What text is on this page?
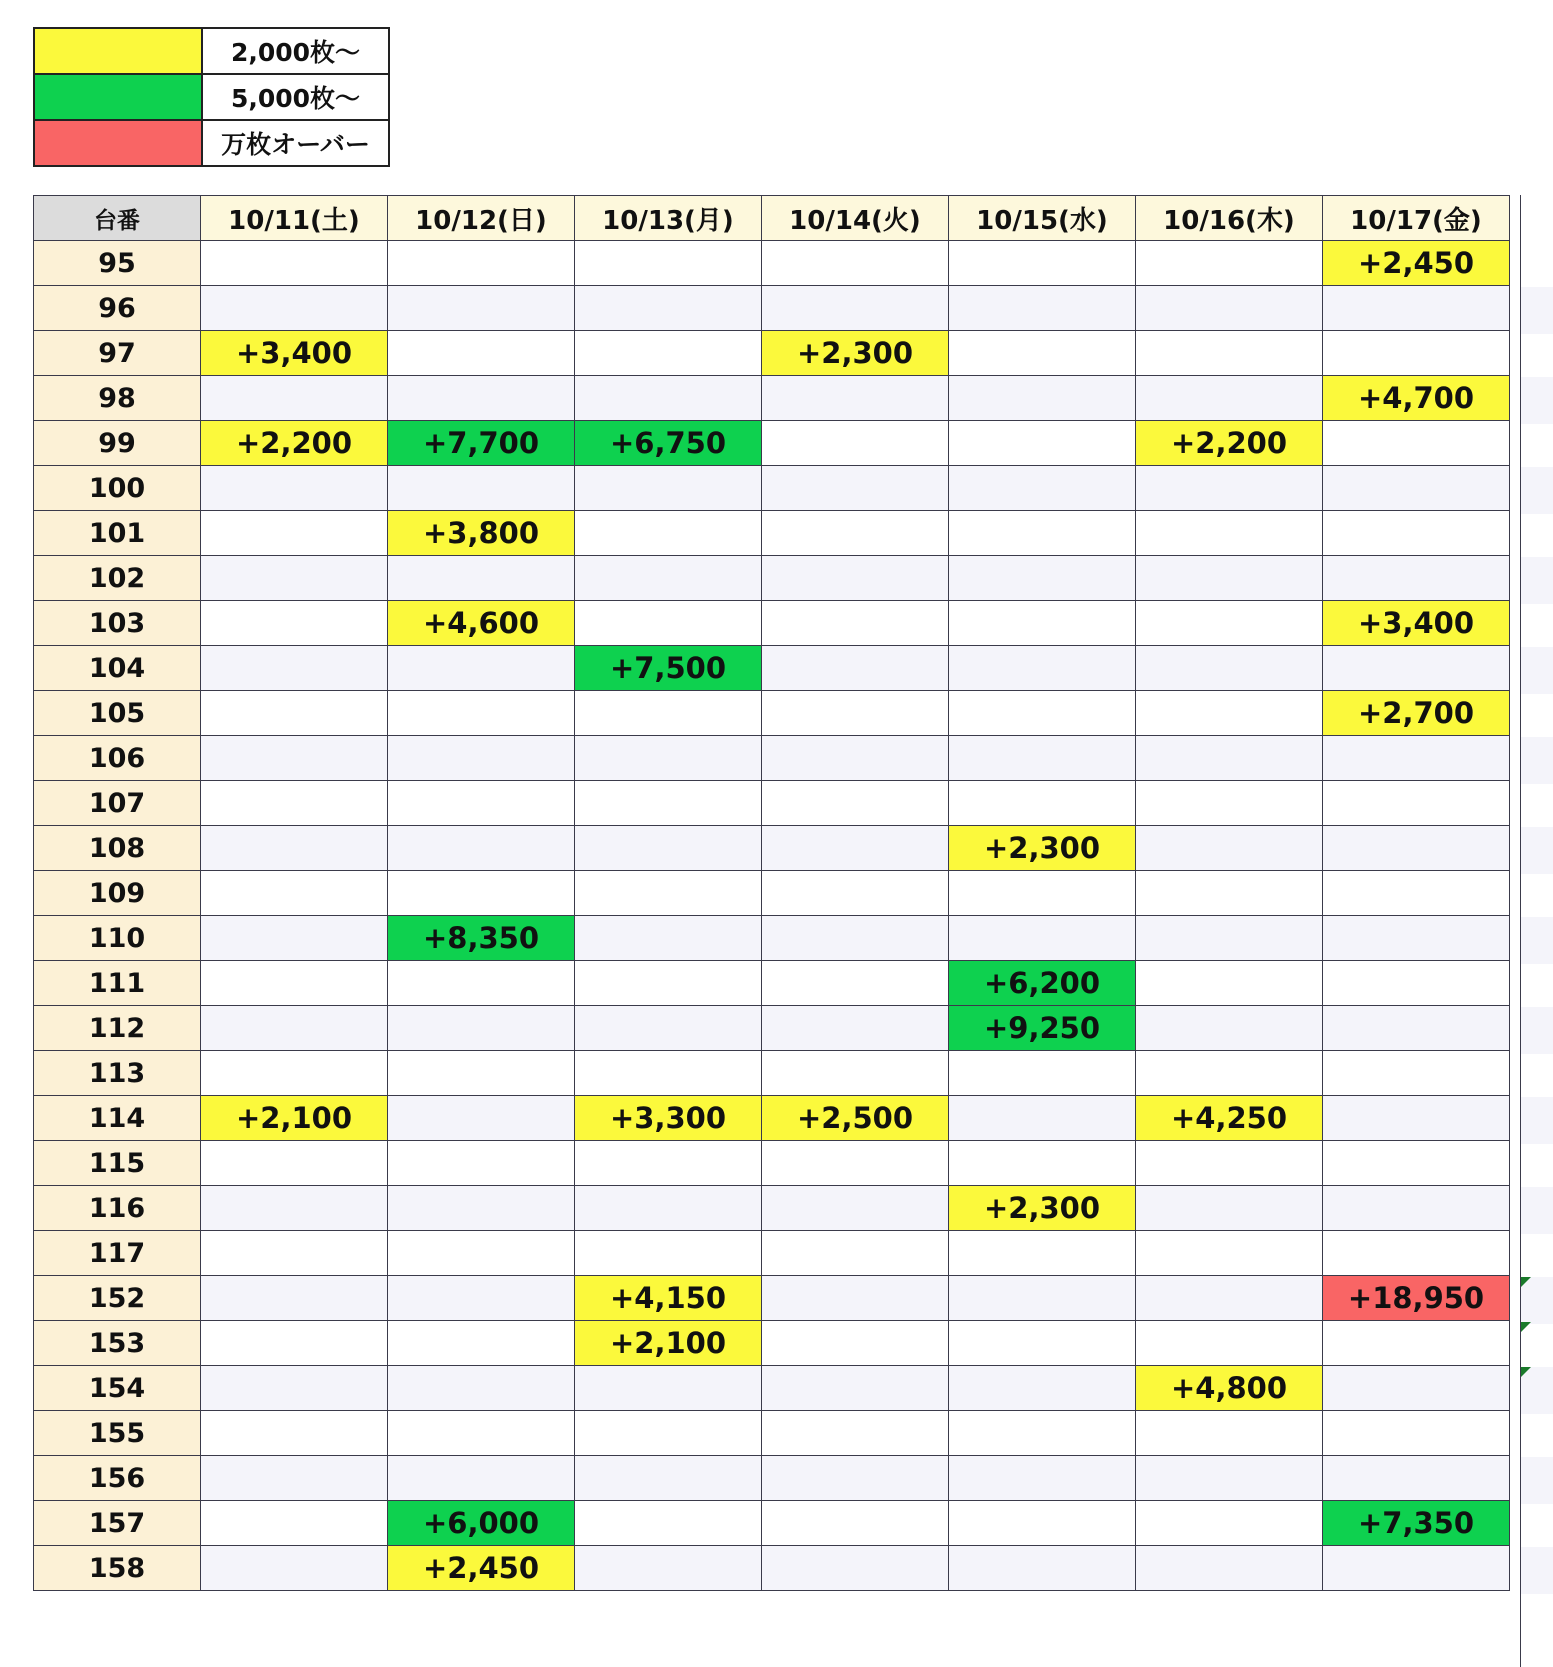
	2,000枚～
	5,000枚～
	万枚オーバー
台番	10/11(土)	10/12(日)	10/13(月)	10/14(火)	10/15(水)	10/16(木)	10/17(金)
95							+2,450
96							
97	+3,400			+2,300			
98							+4,700
99	+2,200	+7,700	+6,750			+2,200	
100							
101		+3,800					
102							
103		+4,600					+3,400
104			+7,500				
105							+2,700
106							
107							
108					+2,300		
109							
110		+8,350					
111					+6,200		
112					+9,250		
113							
114	+2,100		+3,300	+2,500		+4,250	
115							
116					+2,300		
117							
152			+4,150				+18,950
153			+2,100				
154						+4,800	
155							
156							
157		+6,000					+7,350
158		+2,450					
